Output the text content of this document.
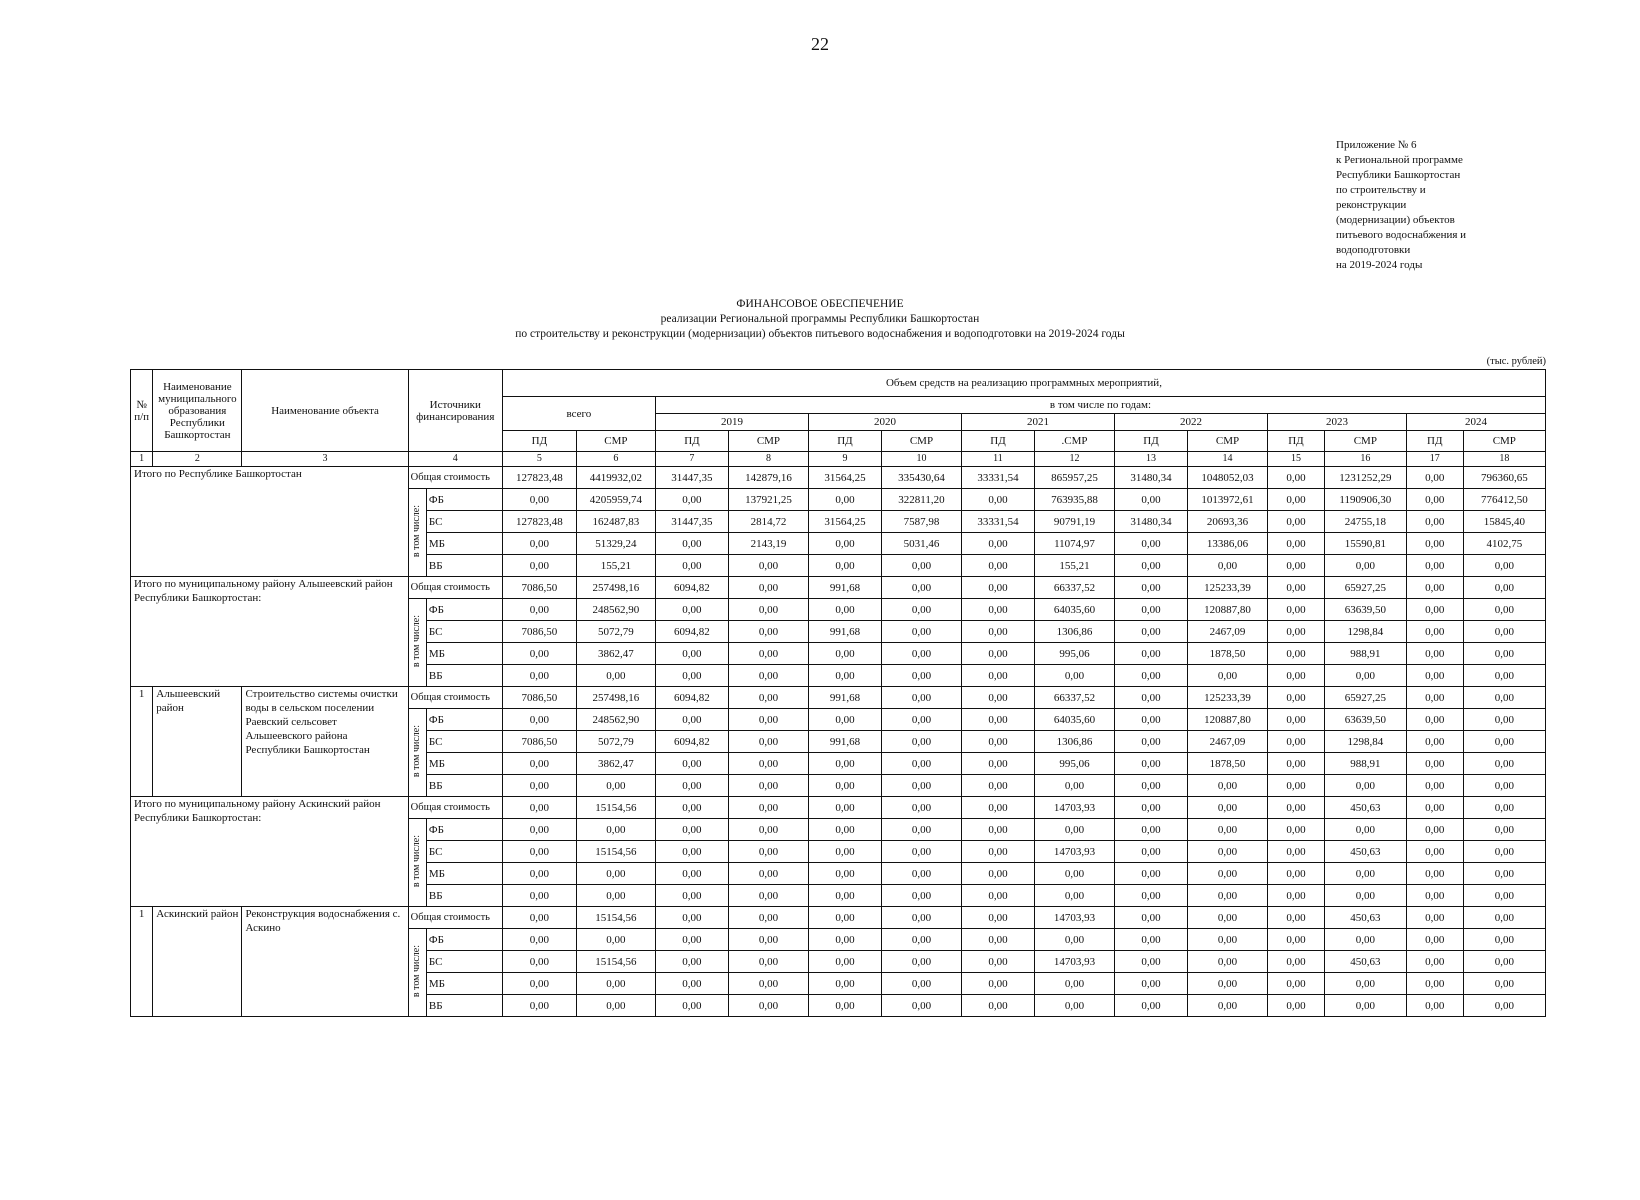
22
Приложение № 6
к Региональной программе
Республики Башкортостан
по строительству и
реконструкции
(модернизации) объектов
питьевого водоснабжения и
водоподготовки
на 2019-2024 годы
ФИНАНСОВОЕ ОБЕСПЕЧЕНИЕ
реализации Региональной программы Республики Башкортостан
по строительству и реконструкции (модернизации) объектов питьевого водоснабжения и водоподготовки на 2019-2024 годы
(тыс. рублей)
№ п/п	Наименование муниципального образования Республики Башкортостан	Наименование объекта	Источники финансирования		Объем средств на реализацию программных мероприятий,													
					всего		в том числе по годам:											
							2019		2020		2021		2022		2023		2024	
					ПД	СМР	ПД	СМР	ПД	СМР	ПД	.СМР	ПД	СМР	ПД	СМР	ПД	СМР
1	2	3	4		5	6	7	8	9	10	11	12	13	14	15	16	17	18
Итого по Республике Башкортостан			Общая стоимость		127823,48	4419932,02	31447,35	142879,16	31564,25	335430,64	33331,54	865957,25	31480,34	1048052,03	0,00	1231252,29	0,00	796360,65
			в том числе:	ФБ	0,00	4205959,74	0,00	137921,25	0,00	322811,20	0,00	763935,88	0,00	1013972,61	0,00	1190906,30	0,00	776412,50
				БС	127823,48	162487,83	31447,35	2814,72	31564,25	7587,98	33331,54	90791,19	31480,34	20693,36	0,00	24755,18	0,00	15845,40
				МБ	0,00	51329,24	0,00	2143,19	0,00	5031,46	0,00	11074,97	0,00	13386,06	0,00	15590,81	0,00	4102,75
				ВБ	0,00	155,21	0,00	0,00	0,00	0,00	0,00	155,21	0,00	0,00	0,00	0,00	0,00	0,00
Итого по муниципальному району Альшеевский район Республики Башкортостан:			Общая стоимость		7086,50	257498,16	6094,82	0,00	991,68	0,00	0,00	66337,52	0,00	125233,39	0,00	65927,25	0,00	0,00
			в том числе:	ФБ	0,00	248562,90	0,00	0,00	0,00	0,00	0,00	64035,60	0,00	120887,80	0,00	63639,50	0,00	0,00
				БС	7086,50	5072,79	6094,82	0,00	991,68	0,00	0,00	1306,86	0,00	2467,09	0,00	1298,84	0,00	0,00
				МБ	0,00	3862,47	0,00	0,00	0,00	0,00	0,00	995,06	0,00	1878,50	0,00	988,91	0,00	0,00
				ВБ	0,00	0,00	0,00	0,00	0,00	0,00	0,00	0,00	0,00	0,00	0,00	0,00	0,00	0,00
1	Альшеевский район	Строительство системы очистки воды в сельском поселении Раевский сельсовет Альшеевского района Республики Башкортостан	Общая стоимость		7086,50	257498,16	6094,82	0,00	991,68	0,00	0,00	66337,52	0,00	125233,39	0,00	65927,25	0,00	0,00
			в том числе:	ФБ	0,00	248562,90	0,00	0,00	0,00	0,00	0,00	64035,60	0,00	120887,80	0,00	63639,50	0,00	0,00
				БС	7086,50	5072,79	6094,82	0,00	991,68	0,00	0,00	1306,86	0,00	2467,09	0,00	1298,84	0,00	0,00
				МБ	0,00	3862,47	0,00	0,00	0,00	0,00	0,00	995,06	0,00	1878,50	0,00	988,91	0,00	0,00
				ВБ	0,00	0,00	0,00	0,00	0,00	0,00	0,00	0,00	0,00	0,00	0,00	0,00	0,00	0,00
Итого по муниципальному району Аскинский район Республики Башкортостан:			Общая стоимость		0,00	15154,56	0,00	0,00	0,00	0,00	0,00	14703,93	0,00	0,00	0,00	450,63	0,00	0,00
			в том числе:	ФБ	0,00	0,00	0,00	0,00	0,00	0,00	0,00	0,00	0,00	0,00	0,00	0,00	0,00	0,00
				БС	0,00	15154,56	0,00	0,00	0,00	0,00	0,00	14703,93	0,00	0,00	0,00	450,63	0,00	0,00
				МБ	0,00	0,00	0,00	0,00	0,00	0,00	0,00	0,00	0,00	0,00	0,00	0,00	0,00	0,00
				ВБ	0,00	0,00	0,00	0,00	0,00	0,00	0,00	0,00	0,00	0,00	0,00	0,00	0,00	0,00
1	Аскинский район	Реконструкция водоснабжения с. Аскино	Общая стоимость		0,00	15154,56	0,00	0,00	0,00	0,00	0,00	14703,93	0,00	0,00	0,00	450,63	0,00	0,00
			в том числе:	ФБ	0,00	0,00	0,00	0,00	0,00	0,00	0,00	0,00	0,00	0,00	0,00	0,00	0,00	0,00
				БС	0,00	15154,56	0,00	0,00	0,00	0,00	0,00	14703,93	0,00	0,00	0,00	450,63	0,00	0,00
				МБ	0,00	0,00	0,00	0,00	0,00	0,00	0,00	0,00	0,00	0,00	0,00	0,00	0,00	0,00
				ВБ	0,00	0,00	0,00	0,00	0,00	0,00	0,00	0,00	0,00	0,00	0,00	0,00	0,00	0,00
